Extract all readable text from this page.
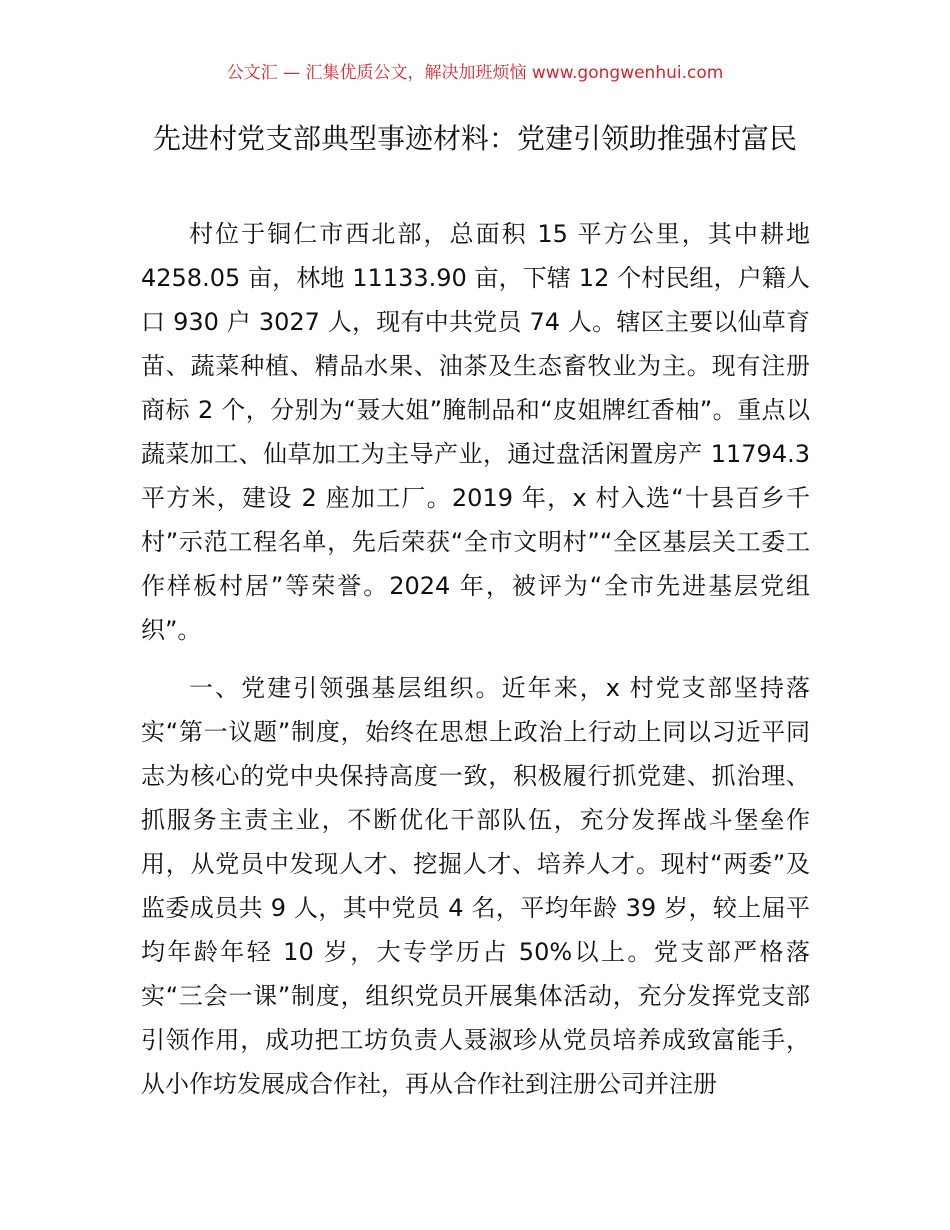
公文汇 — 汇集优质公文，解决加班烦恼 www.gongwenhui.com
先进村党支部典型事迹材料：党建引领助推强村富民

村位于铜仁市西北部，总面积 15 平方公里，其中耕地 4258.05 亩，林地 11133.90 亩，下辖 12 个村民组，户籍人口 930 户 3027 人，现有中共党员 74 人。辖区主要以仙草育苗、蔬菜种植、精品水果、油茶及生态畜牧业为主。现有注册商标 2 个，分别为“聂大姐”腌制品和“皮姐牌红香柚”。重点以蔬菜加工、仙草加工为主导产业，通过盘活闲置房产 11794.3 平方米，建设 2 座加工厂。2019 年，x 村入选“十县百乡千村”示范工程名单，先后荣获“全市文明村”“全区基层关工委工作样板村居”等荣誉。2024 年，被评为“全市先进基层党组织”。

一、党建引领强基层组织。近年来，x 村党支部坚持落实“第一议题”制度，始终在思想上政治上行动上同以习近平同志为核心的党中央保持高度一致，积极履行抓党建、抓治理、抓服务主责主业，不断优化干部队伍，充分发挥战斗堡垒作用，从党员中发现人才、挖掘人才、培养人才。现村“两委”及监委成员共 9 人，其中党员 4 名，平均年龄 39 岁，较上届平均年龄年轻 10 岁，大专学历占 50%以上。党支部严格落实“三会一课”制度，组织党员开展集体活动，充分发挥党支部引领作用，成功把工坊负责人聂淑珍从党员培养成致富能手，从小作坊发展成合作社，再从合作社到注册公司并注册
